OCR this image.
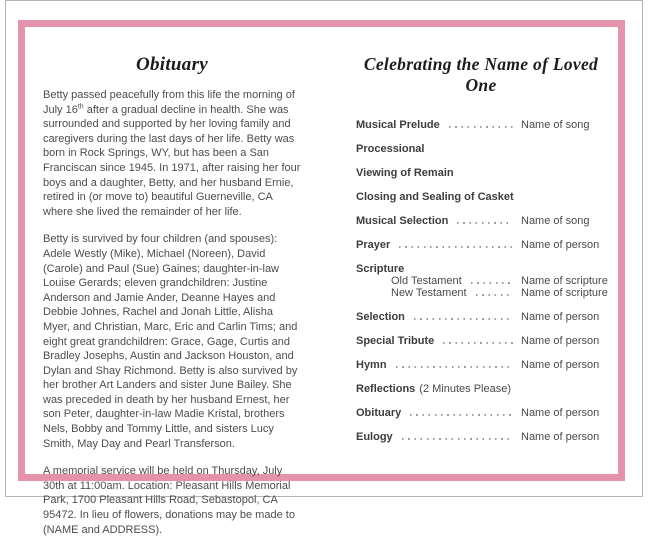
Obituary

Betty passed peacefully from this life the morning of July 16th after a gradual decline in health. She was surrounded and supported by her loving family and caregivers during the last days of her life. Betty was born in Rock Springs, WY, but has been a San Franciscan since 1945. In 1971, after raising her four boys and a daughter, Betty, and her husband Ernie, retired in (or move to) beautiful Guerneville, CA where she lived the remainder of her life.

Betty is survived by four children (and spouses): Adele Westly (Mike), Michael (Noreen), David (Carole) and Paul (Sue) Gaines; daughter-in-law Louise Gerards; eleven grandchildren: Justine Anderson and Jamie Ander, Deanne Hayes and Debbie Johnes, Rachel and Jonah Little, Alisha Myer, and Christian, Marc, Eric and Carlin Tims; and eight great grandchildren: Grace, Gage, Curtis and Bradley Josephs, Austin and Jackson Houston, and Dylan and Shay Richmond. Betty is also survived by her brother Art Landers and sister June Bailey. She was preceded in death by her husband Ernest, her son Peter, daughter-in-law Madie Kristal, brothers Nels, Bobby and Tommy Little, and sisters Lucy Smith, May Day and Pearl Transferson.

A memorial service will be held on Thursday, July 30th at 11:00am. Location: Pleasant Hills Memorial Park, 1700 Pleasant Hills Road, Sebastopol, CA 95472. In lieu of flowers, donations may be made to (NAME and ADDRESS).

Celebrating the Name of Loved One
Musical Prelude	Name of song
Processional
Viewing of Remain
Closing and Sealing of Casket
Musical Selection	Name of song
Prayer	Name of person
Scripture
Old Testament	Name of scripture
New Testament	Name of scripture
Selection	Name of person
Special Tribute	Name of person
Hymn	Name of person
Reflections (2 Minutes Please)
Obituary	Name of person
Eulogy	Name of person
